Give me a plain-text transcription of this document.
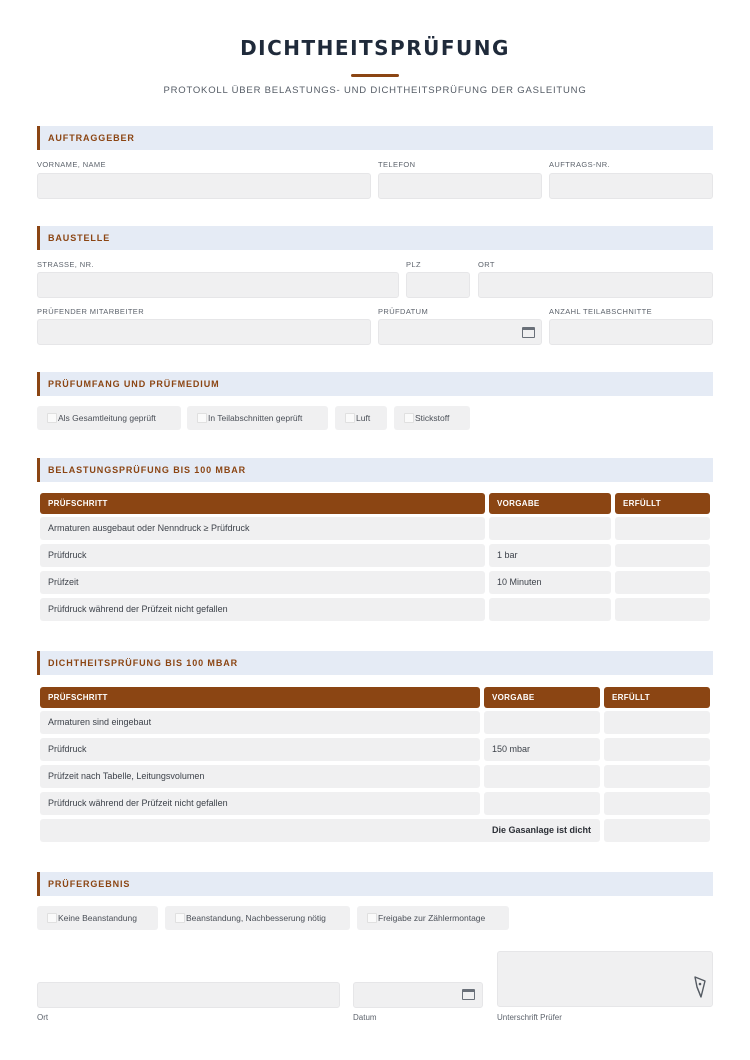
DICHTHEITSPRÜFUNG
PROTOKOLL ÜBER BELASTUNGS- UND DICHTHEITSPRÜFUNG DER GASLEITUNG
AUFTRAGGEBER
VORNAME, NAME	TELEFON	AUFTRAGS-NR.
BAUSTELLE
STRASSE, NR.	PLZ	ORT
PRÜFENDER MITARBEITER	PRÜFDATUM	ANZAHL TEILABSCHNITTE
PRÜFUMFANG UND PRÜFMEDIUM
Als Gesamtleitung geprüft	In Teilabschnitten geprüft	Luft	Stickstoff
BELASTUNGSPRÜFUNG BIS 100 MBAR
PRÜFSCHRITT	VORGABE	ERFÜLLT
Armaturen ausgebaut oder Nenndruck ≥ Prüfdruck
Prüfdruck	1 bar
Prüfzeit	10 Minuten
Prüfdruck während der Prüfzeit nicht gefallen
DICHTHEITSPRÜFUNG BIS 100 MBAR
PRÜFSCHRITT	VORGABE	ERFÜLLT
Armaturen sind eingebaut
Prüfdruck	150 mbar
Prüfzeit nach Tabelle, Leitungsvolumen
Prüfdruck während der Prüfzeit nicht gefallen
Die Gasanlage ist dicht
PRÜFERGEBNIS
Keine Beanstandung	Beanstandung, Nachbesserung nötig	Freigabe zur Zählermontage
Ort	Datum	Unterschrift Prüfer
